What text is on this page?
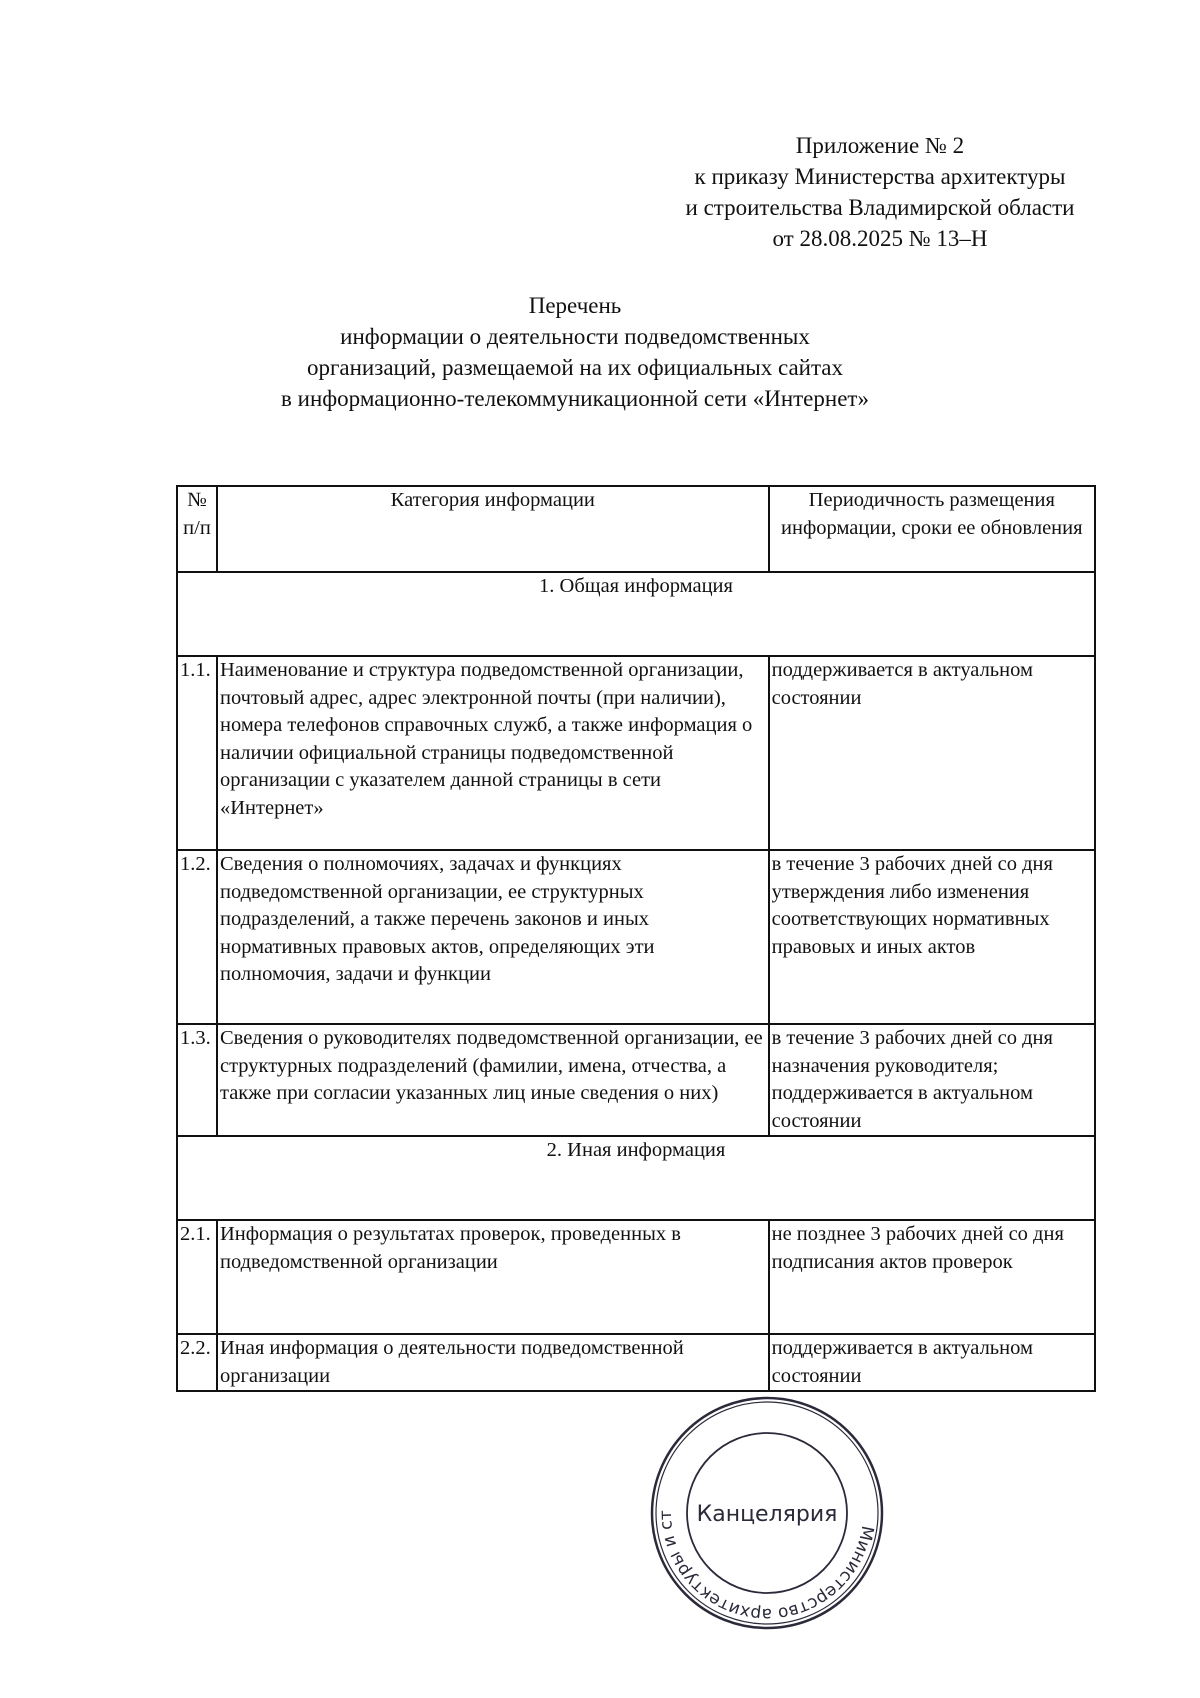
Приложение № 2
к приказу Министерства архитектуры
и строительства Владимирской области
от 28.08.2025 № 13–Н
Перечень
информации о деятельности подведомственных
организаций, размещаемой на их официальных сайтах
в информационно-телекоммуникационной сети «Интернет»
№ п/п	Категория информации	Периодичность размещения информации, сроки ее обновления
1. Общая информация		
1.1.	Наименование и структура подведомственной организации, почтовый адрес, адрес электронной почты (при наличии), номера телефонов справочных служб, а также информация о наличии официальной страницы подведомственной организации с указателем данной страницы в сети «Интернет»	поддерживается в актуальном состоянии
1.2.	Сведения о полномочиях, задачах и функциях подведомственной организации, ее структурных подразделений, а также перечень законов и иных нормативных правовых актов, определяющих эти полномочия, задачи и функции	в течение 3 рабочих дней со дня утверждения либо изменения соответствующих нормативных правовых и иных актов
1.3.	Сведения о руководителях подведомственной организации, ее структурных подразделений (фамилии, имена, отчества, а также при согласии указанных лиц иные сведения о них)	в течение 3 рабочих дней со дня назначения руководителя; поддерживается в актуальном состоянии
2. Иная информация		
2.1.	Информация о результатах проверок, проведенных в подведомственной организации	не позднее 3 рабочих дней со дня подписания актов проверок
2.2.	Иная информация о деятельности подведомственной организации	поддерживается в актуальном состоянии
Министерство архитектуры и ст Канцелярия
